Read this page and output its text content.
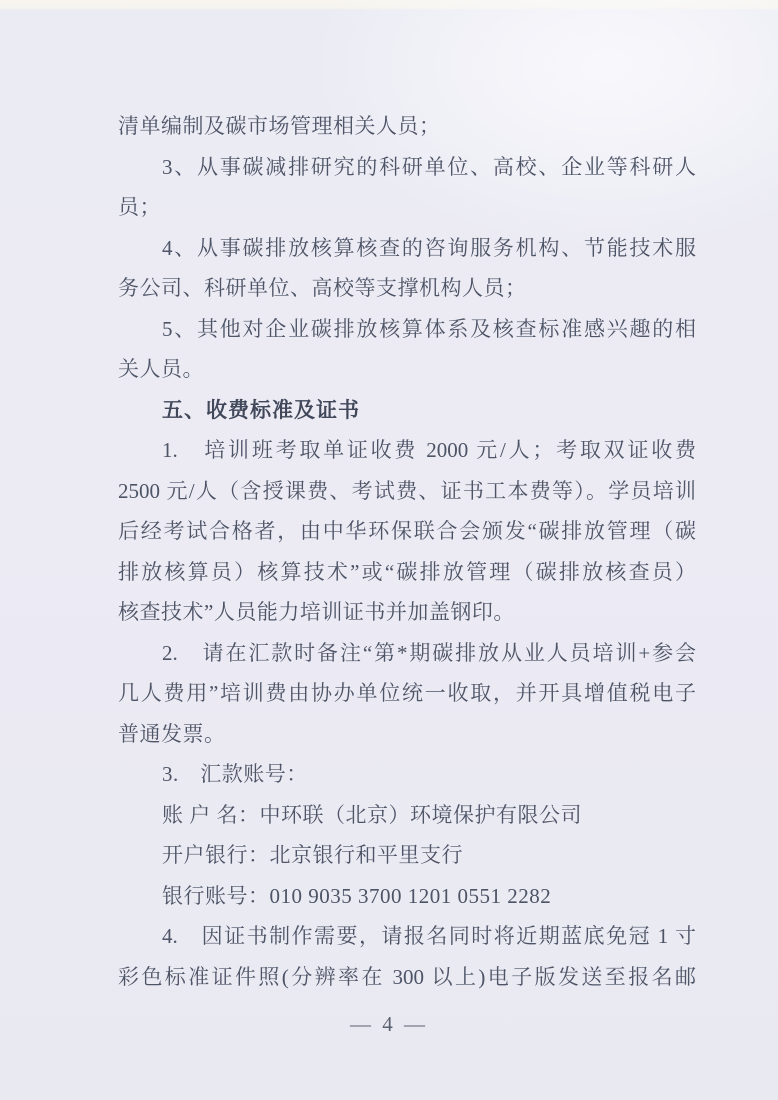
清单编制及碳市场管理相关人员；
3、从事碳减排研究的科研单位、高校、企业等科研人
员；
4、从事碳排放核算核查的咨询服务机构、节能技术服
务公司、科研单位、高校等支撑机构人员；
5、其他对企业碳排放核算体系及核查标准感兴趣的相
关人员。
五、收费标准及证书
1.　培训班考取单证收费 2000 元/人；考取双证收费
2500 元/人（含授课费、考试费、证书工本费等）。学员培训
后经考试合格者，由中华环保联合会颁发“碳排放管理（碳
排放核算员）核算技术”或“碳排放管理（碳排放核查员）
核查技术”人员能力培训证书并加盖钢印。
2.　请在汇款时备注“第*期碳排放从业人员培训+参会
几人费用”培训费由协办单位统一收取，并开具增值税电子
普通发票。
3.　汇款账号：
账 户 名：中环联（北京）环境保护有限公司
开户银行：北京银行和平里支行
银行账号：010 9035 3700 1201 0551 2282
4.　因证书制作需要，请报名同时将近期蓝底免冠 1 寸
彩色标准证件照(分辨率在 300 以上)电子版发送至报名邮
— 4 —
